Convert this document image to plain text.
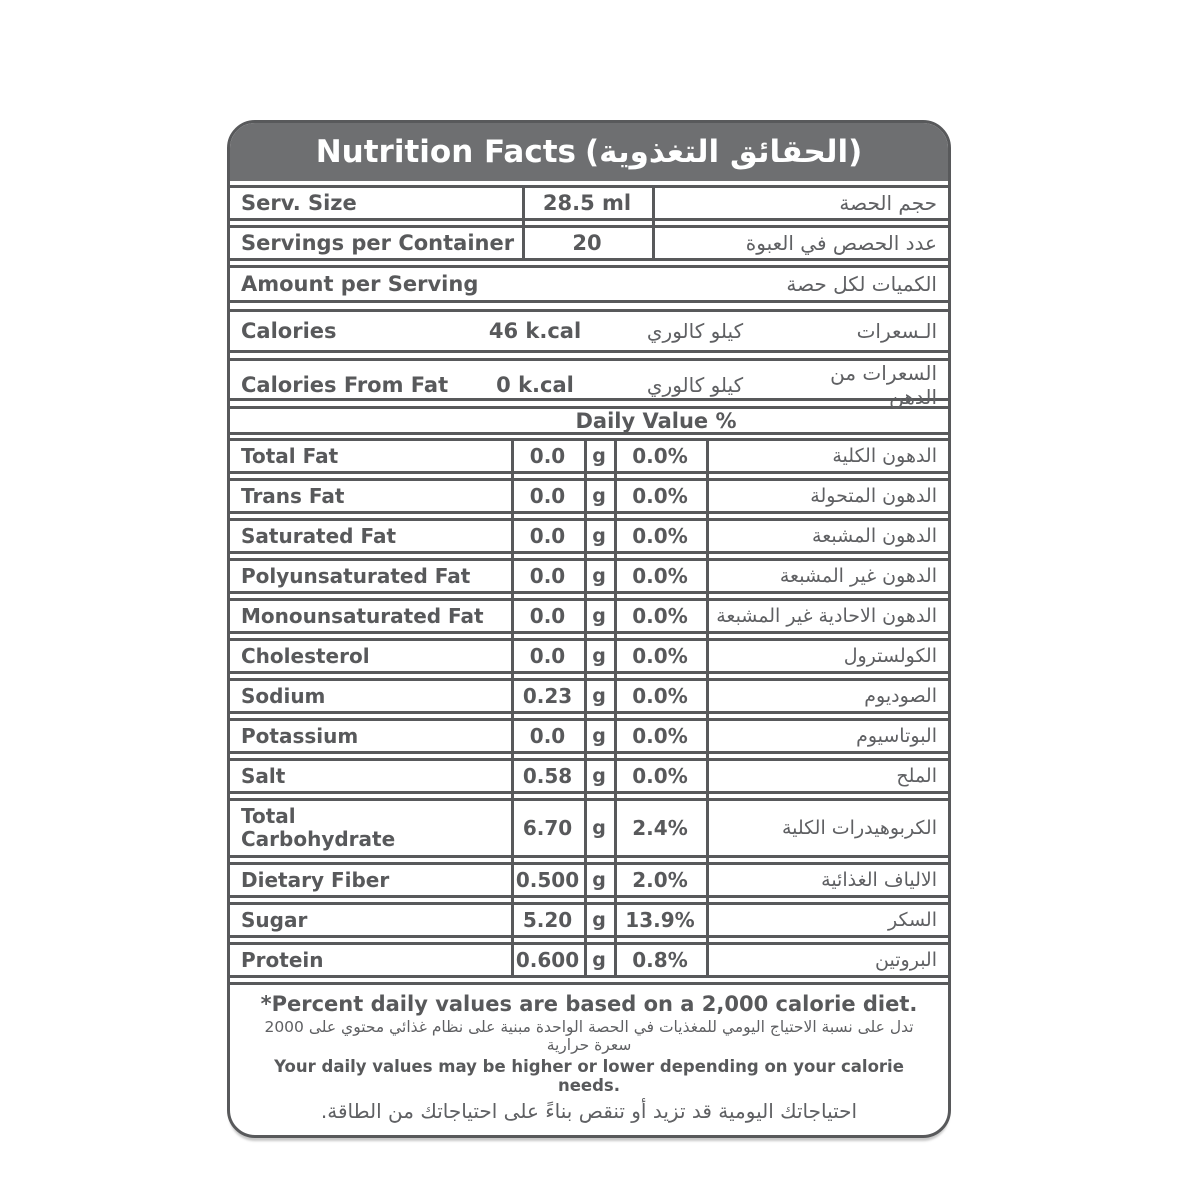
Nutrition Facts (الحقائق التغذوية)
Serv. Size	28.5 ml	حجم الحصة
Servings per Container	20	عدد الحصص في العبوة
Amount per Serving	الكميات لكل حصة
Calories	46 k.cal	كيلو كالوري	الـسعرات
Calories From Fat	0 k.cal	كيلو كالوري	السعرات من الدهن
Daily Value %
Total Fat	0.0	g	0.0%	الدهون الكلية
Trans Fat	0.0	g	0.0%	الدهون المتحولة
Saturated Fat	0.0	g	0.0%	الدهون المشبعة
Polyunsaturated Fat	0.0	g	0.0%	الدهون غير المشبعة
Monounsaturated Fat	0.0	g	0.0%	الدهون الاحادية غير المشبعة
Cholesterol	0.0	g	0.0%	الكولسترول
Sodium	0.23	g	0.0%	الصوديوم
Potassium	0.0	g	0.0%	البوتاسيوم
Salt	0.58	g	0.0%	الملح
Total Carbohydrate	6.70	g	2.4%	الكربوهيدرات الكلية
Dietary Fiber	0.500 g	2.0%	الالياف الغذائية
Sugar	5.20	g 13.9%	السكر
Protein	0.600 g	0.8%	البروتين
*Percent daily values are based on a 2,000 calorie diet.
تدل على نسبة الاحتياج اليومي للمغذيات في الحصة الواحدة مبنية على نظام غذائي محتوي على 2000 سعرة حرارية
Your daily values may be higher or lower depending on your calorie needs.
احتياجاتك اليومية قد تزيد أو تنقص بناءً على احتياجاتك من الطاقة.
